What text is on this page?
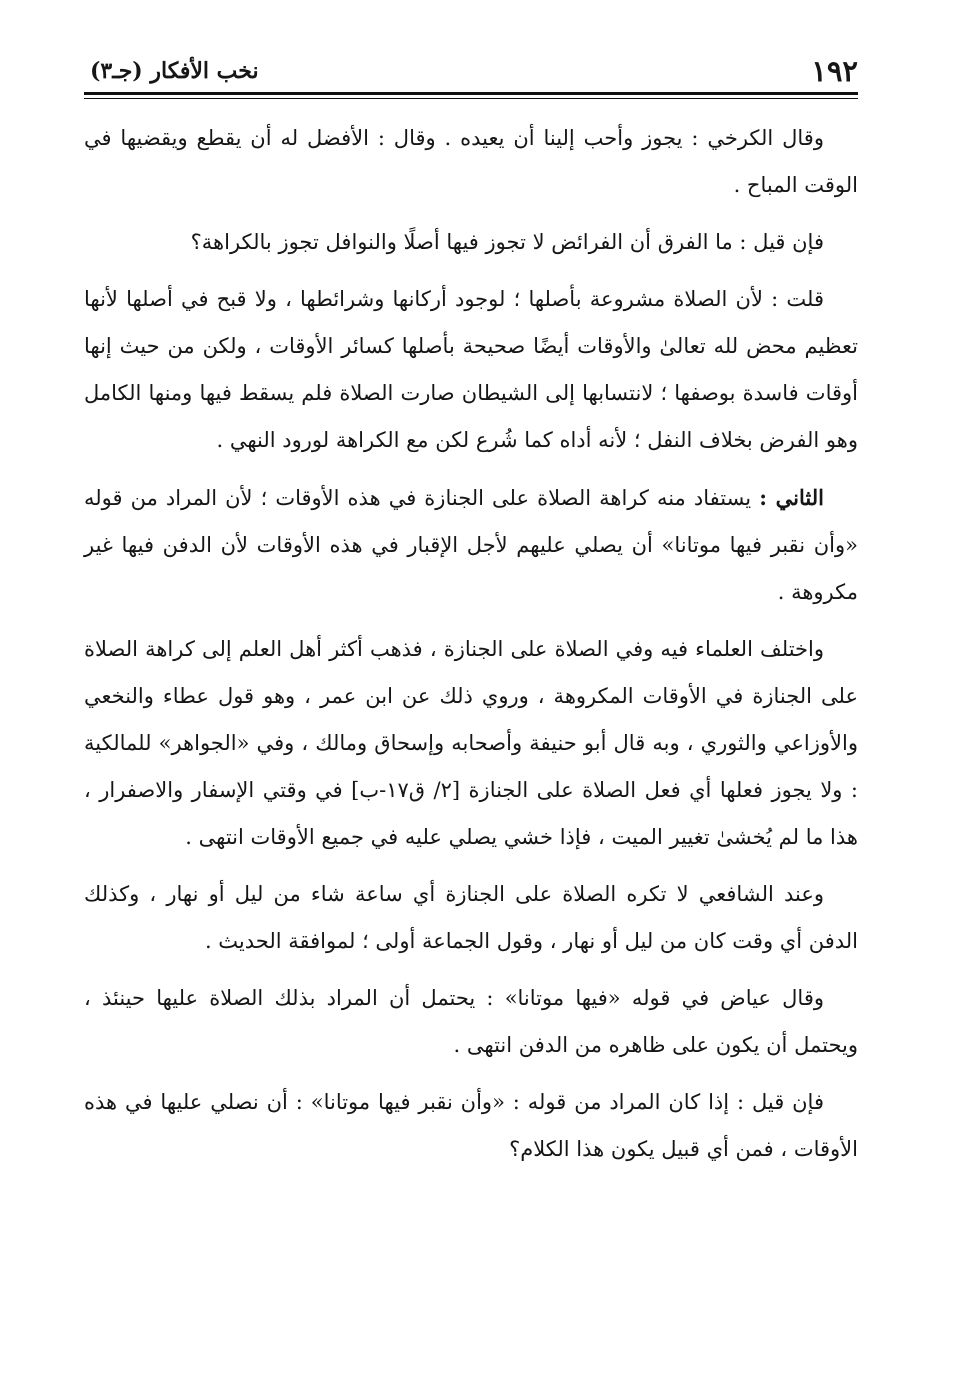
١٩٢
نخب الأفكار (جـ٣)

وقال الكرخي : يجوز وأحب إلينا أن يعيده . وقال : الأفضل له أن يقطع ويقضيها في الوقت المباح .

فإن قيل : ما الفرق أن الفرائض لا تجوز فيها أصلًا والنوافل تجوز بالكراهة؟

قلت : لأن الصلاة مشروعة بأصلها ؛ لوجود أركانها وشرائطها ، ولا قبح في أصلها لأنها تعظيم محض لله تعالىٰ والأوقات أيضًا صحيحة بأصلها كسائر الأوقات ، ولكن من حيث إنها أوقات فاسدة بوصفها ؛ لانتسابها إلى الشيطان صارت الصلاة فلم يسقط فيها ومنها الكامل وهو الفرض بخلاف النفل ؛ لأنه أداه كما شُرع لكن مع الكراهة لورود النهي .

الثاني : يستفاد منه كراهة الصلاة على الجنازة في هذه الأوقات ؛ لأن المراد من قوله «وأن نقبر فيها موتانا» أن يصلي عليهم لأجل الإقبار في هذه الأوقات لأن الدفن فيها غير مكروهة .

واختلف العلماء فيه وفي الصلاة على الجنازة ، فذهب أكثر أهل العلم إلى كراهة الصلاة على الجنازة في الأوقات المكروهة ، وروي ذلك عن ابن عمر ، وهو قول عطاء والنخعي والأوزاعي والثوري ، وبه قال أبو حنيفة وأصحابه وإسحاق ومالك ، وفي «الجواهر» للمالكية : ولا يجوز فعلها أي فعل الصلاة على الجنازة [٢/ ق١٧-ب] في وقتي الإسفار والاصفرار ، هذا ما لم يُخشىٰ تغيير الميت ، فإذا خشي يصلي عليه في جميع الأوقات انتهى .

وعند الشافعي لا تكره الصلاة على الجنازة أي ساعة شاء من ليل أو نهار ، وكذلك الدفن أي وقت كان من ليل أو نهار ، وقول الجماعة أولى ؛ لموافقة الحديث .

وقال عياض في قوله «فيها موتانا» : يحتمل أن المراد بذلك الصلاة عليها حينئذ ، ويحتمل أن يكون على ظاهره من الدفن انتهى .

فإن قيل : إذا كان المراد من قوله : «وأن نقبر فيها موتانا» : أن نصلي عليها في هذه الأوقات ، فمن أي قبيل يكون هذا الكلام؟
